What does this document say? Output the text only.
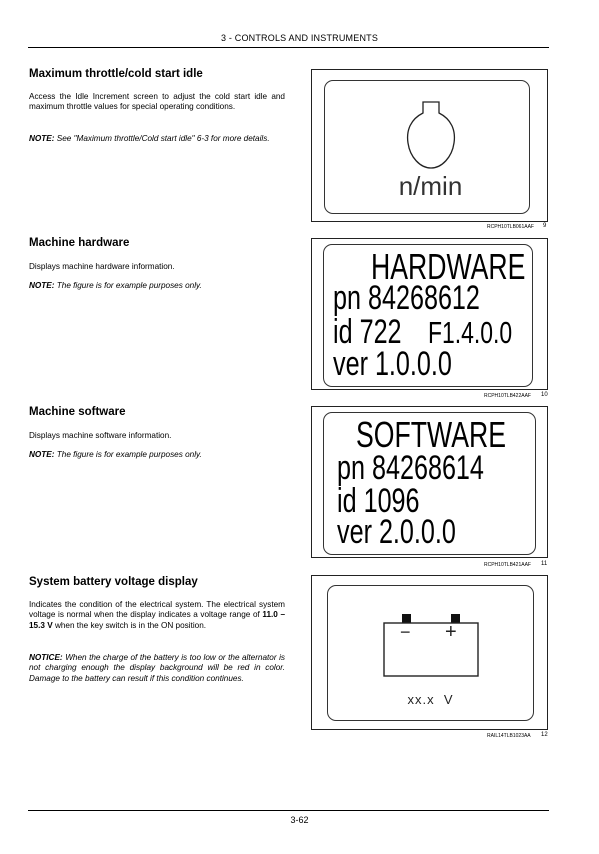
3 - CONTROLS AND INSTRUMENTS
Maximum throttle/cold start idle
Access the Idle Increment screen to adjust the cold start idle and maximum throttle values for special operating conditions.
NOTE: See "Maximum throttle/Cold start idle" 6-3 for more details.
n/min
RCPH10TLB061AAF 9
Machine hardware
Displays machine hardware information.
NOTE: The figure is for example purposes only.	HARDWARE
pn 84268612
id 722 F1.4.0.0
ver 1.0.0.0
RCPH10TLB422AAF 10
Machine software
Displays machine software information.
NOTE: The figure is for example purposes only.	SOFTWARE
pn 84268614
id 1096
ver 2.0.0.0
RCPH10TLB421AAF 11
System battery voltage display
Indicates the condition of the electrical system. The electrical system voltage is normal when the display indicates a voltage range of 11.0 – 15.3 V when the key switch is in the ON position.
NOTICE: When the charge of the battery is too low or the alternator is not charging enough the display background will be red in color. Damage to the battery can result if this condition continues.
− +
xx.x  V
RAIL14TLB1023AA 12
3-62
